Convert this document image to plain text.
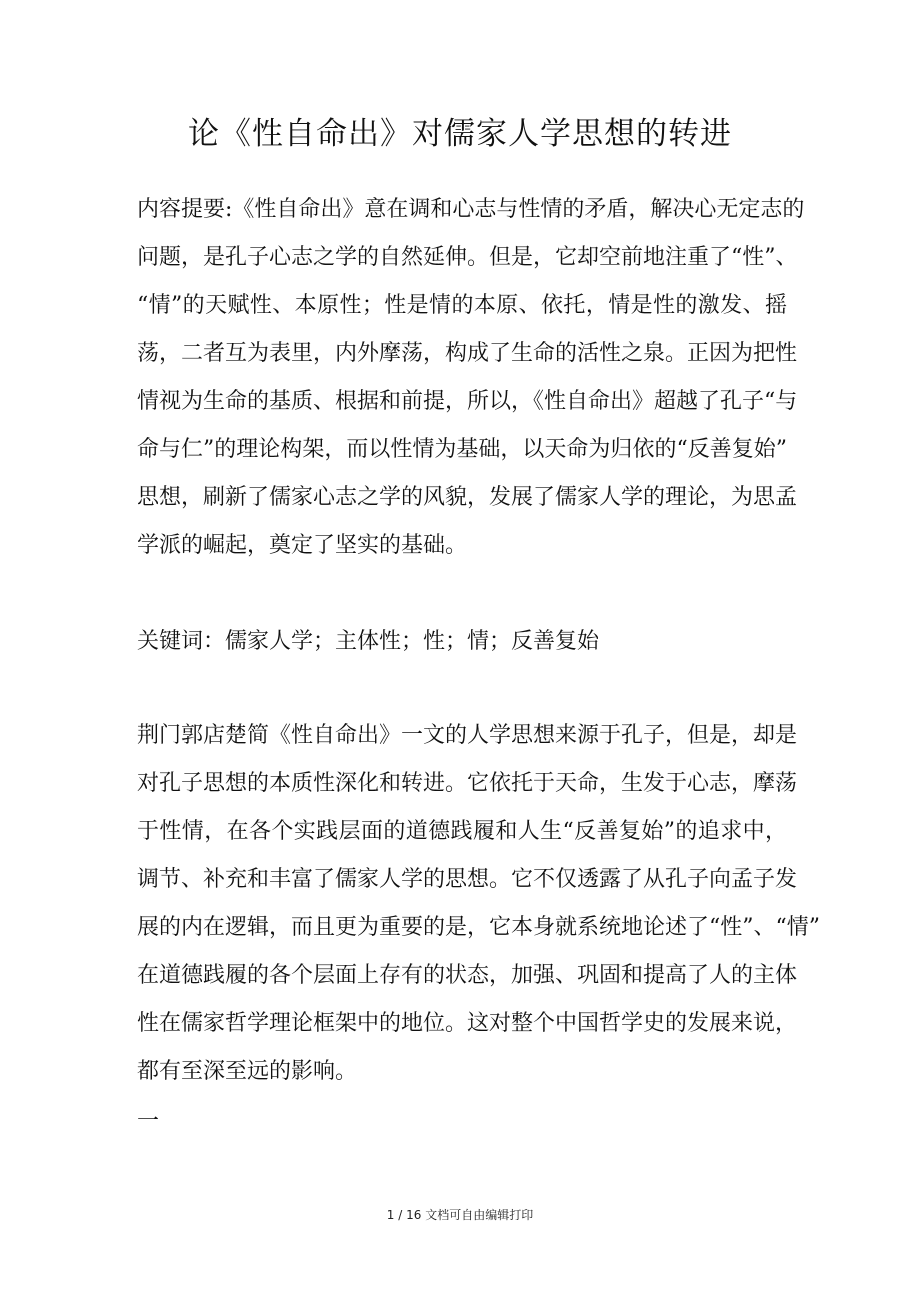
论《性自命出》对儒家人学思想的转进
内容提要:《性自命出》意在调和心志与性情的矛盾，解决心无定志的
问题，是孔子心志之学的自然延伸。但是，它却空前地注重了“性”、
“情”的天赋性、本原性；性是情的本原、依托，情是性的激发、摇
荡，二者互为表里，内外摩荡，构成了生命的活性之泉。正因为把性
情视为生命的基质、根据和前提，所以，《性自命出》超越了孔子“与
命与仁”的理论构架，而以性情为基础，以天命为归依的“反善复始”
思想，刷新了儒家心志之学的风貌，发展了儒家人学的理论，为思孟
学派的崛起，奠定了坚实的基础。
关键词：儒家人学；主体性；性；情；反善复始
荆门郭店楚简《性自命出》一文的人学思想来源于孔子，但是，却是
对孔子思想的本质性深化和转进。它依托于天命，生发于心志，摩荡
于性情，在各个实践层面的道德践履和人生“反善复始”的追求中，
调节、补充和丰富了儒家人学的思想。它不仅透露了从孔子向孟子发
展的内在逻辑，而且更为重要的是，它本身就系统地论述了“性”、“情”
在道德践履的各个层面上存有的状态，加强、巩固和提高了人的主体
性在儒家哲学理论框架中的地位。这对整个中国哲学史的发展来说，
都有至深至远的影响。

一

1 / 16 文档可自由编辑打印
